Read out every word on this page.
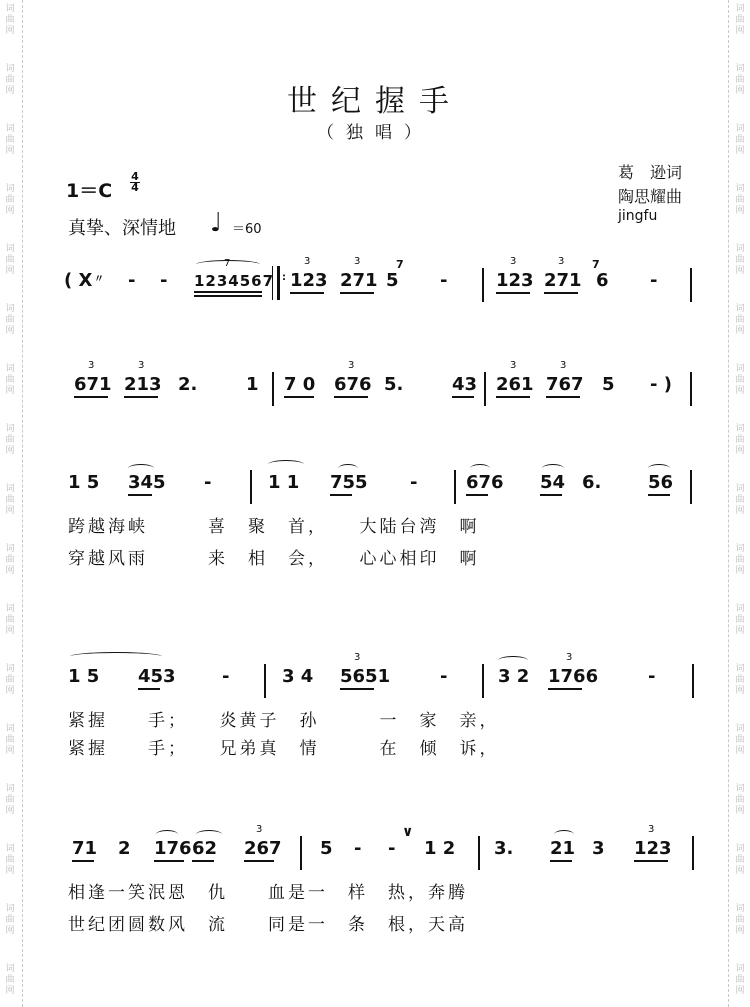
词
曲
网
词
曲
网
词
曲
网
词
曲
网
词
曲
网
词
曲
网
词
曲
网
词
曲
网
词
曲
网
词
曲
网
词
曲
网
词
曲
网
词
曲
网
词
曲
网
词
曲
网
词
曲
网
词
曲
网
词
曲
网
词
曲
网
词
曲
网
词
曲
网
词
曲
网
词
曲
网
词
曲
网
词
曲
网
词
曲
网
词
曲
网
词
曲
网
词
曲
网
词
曲
网
词
曲
网
词
曲
网
词
曲
网
词
曲
网
世纪握手
（独唱）
葛　逊词
陶思耀曲
jingfu
1＝C
4
4
真挚、深情地 ♩ ＝60
( X 〃 - - 1234567
7
: 123
3
271
3
5
7
-	123
3
271
3
6
7
-
671
3
213
3
2.	1 7 0 676
3
5.	43 261
3
767
3
5 - )
1 5 345 -	1 1 755 -	676 54 6.	56
跨越海峡　　　喜　聚　首，　　大陆台湾　啊
穿越风雨　　　来　相　会，　　心心相印　啊
1 5 453	-	3 4 5651
3
-	3 2 1766
3
-
紧握　　手；　　炎黄子　孙　　　一　家　亲，
紧握　　手；　　兄弟真　情　　　在　倾　诉，
71 2 176 62 267
3
5 - -
∨
1 2 3. 21 3 123
3
相逢一笑泯恩　仇　　血是一　样　热，奔腾
世纪团圆数风　流　　同是一　条　根，天高
